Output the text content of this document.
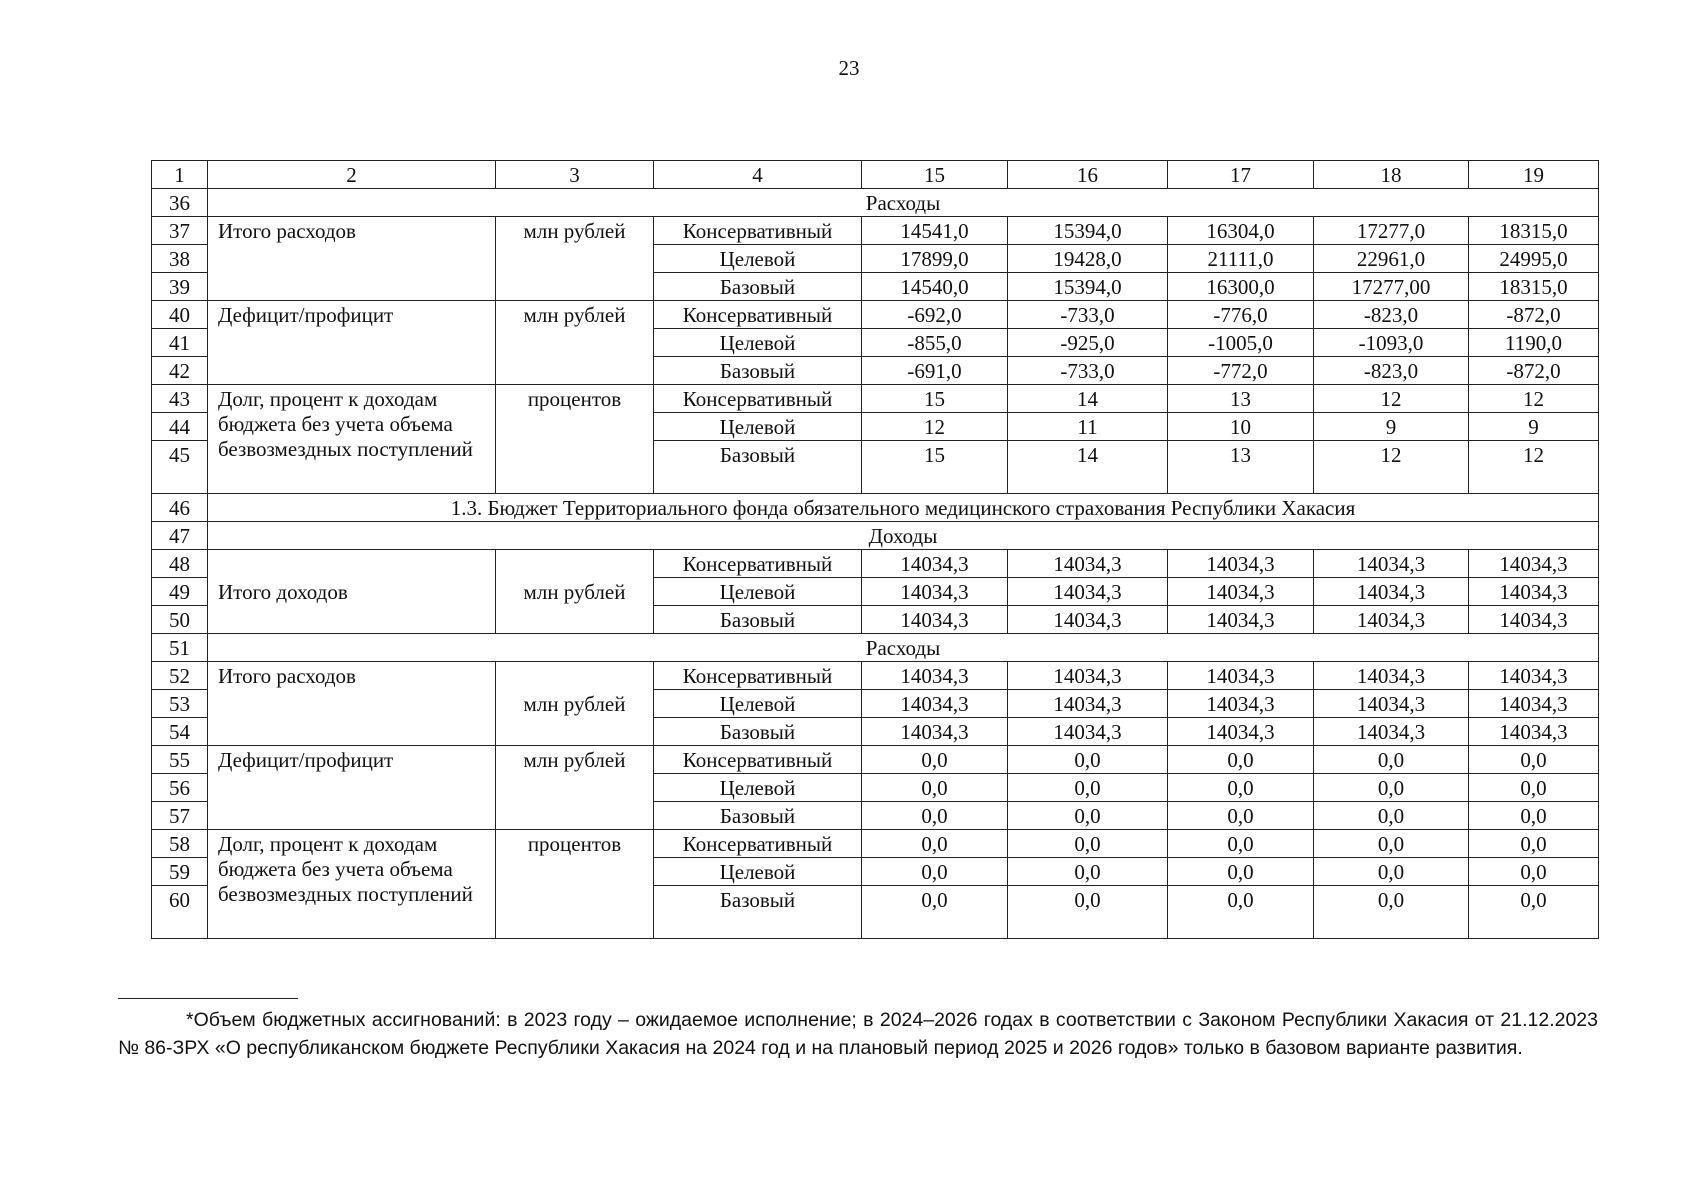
23
1	2	3	4	15	16	17	18	19
36	Расходы							
37	Итого расходов	млн рублей	Консервативный	14541,0	15394,0	16304,0	17277,0	18315,0
38			Целевой	17899,0	19428,0	21111,0	22961,0	24995,0
39			Базовый	14540,0	15394,0	16300,0	17277,00	18315,0
40	Дефицит/профицит	млн рублей	Консервативный	-692,0	-733,0	-776,0	-823,0	-872,0
41			Целевой	-855,0	-925,0	-1005,0	-1093,0	1190,0
42			Базовый	-691,0	-733,0	-772,0	-823,0	-872,0
43	Долг, процент к доходам бюджета без учета объема безвозмездных поступлений	процентов	Консервативный	15	14	13	12	12
44			Целевой	12	11	10	9	9
45			Базовый	15	14	13	12	12
46	1.3. Бюджет Территориального фонда обязательного медицинского страхования Республики Хакасия							
47	Доходы							
48	Итого доходов	млн рублей	Консервативный	14034,3	14034,3	14034,3	14034,3	14034,3
49			Целевой	14034,3	14034,3	14034,3	14034,3	14034,3
50			Базовый	14034,3	14034,3	14034,3	14034,3	14034,3
51	Расходы							
52	Итого расходов	млн рублей	Консервативный	14034,3	14034,3	14034,3	14034,3	14034,3
53			Целевой	14034,3	14034,3	14034,3	14034,3	14034,3
54			Базовый	14034,3	14034,3	14034,3	14034,3	14034,3
55	Дефицит/профицит	млн рублей	Консервативный	0,0	0,0	0,0	0,0	0,0
56			Целевой	0,0	0,0	0,0	0,0	0,0
57			Базовый	0,0	0,0	0,0	0,0	0,0
58	Долг, процент к доходам бюджета без учета объема безвозмездных поступлений	процентов	Консервативный	0,0	0,0	0,0	0,0	0,0
59			Целевой	0,0	0,0	0,0	0,0	0,0
60			Базовый	0,0	0,0	0,0	0,0	0,0
*Объем бюджетных ассигнований: в 2023 году – ожидаемое исполнение; в 2024–2026 годах в соответствии с Законом Республики Хакасия от 21.12.2023 № 86-ЗРХ «О республиканском бюджете Республики Хакасия на 2024 год и на плановый период 2025 и 2026 годов» только в базовом варианте развития.
